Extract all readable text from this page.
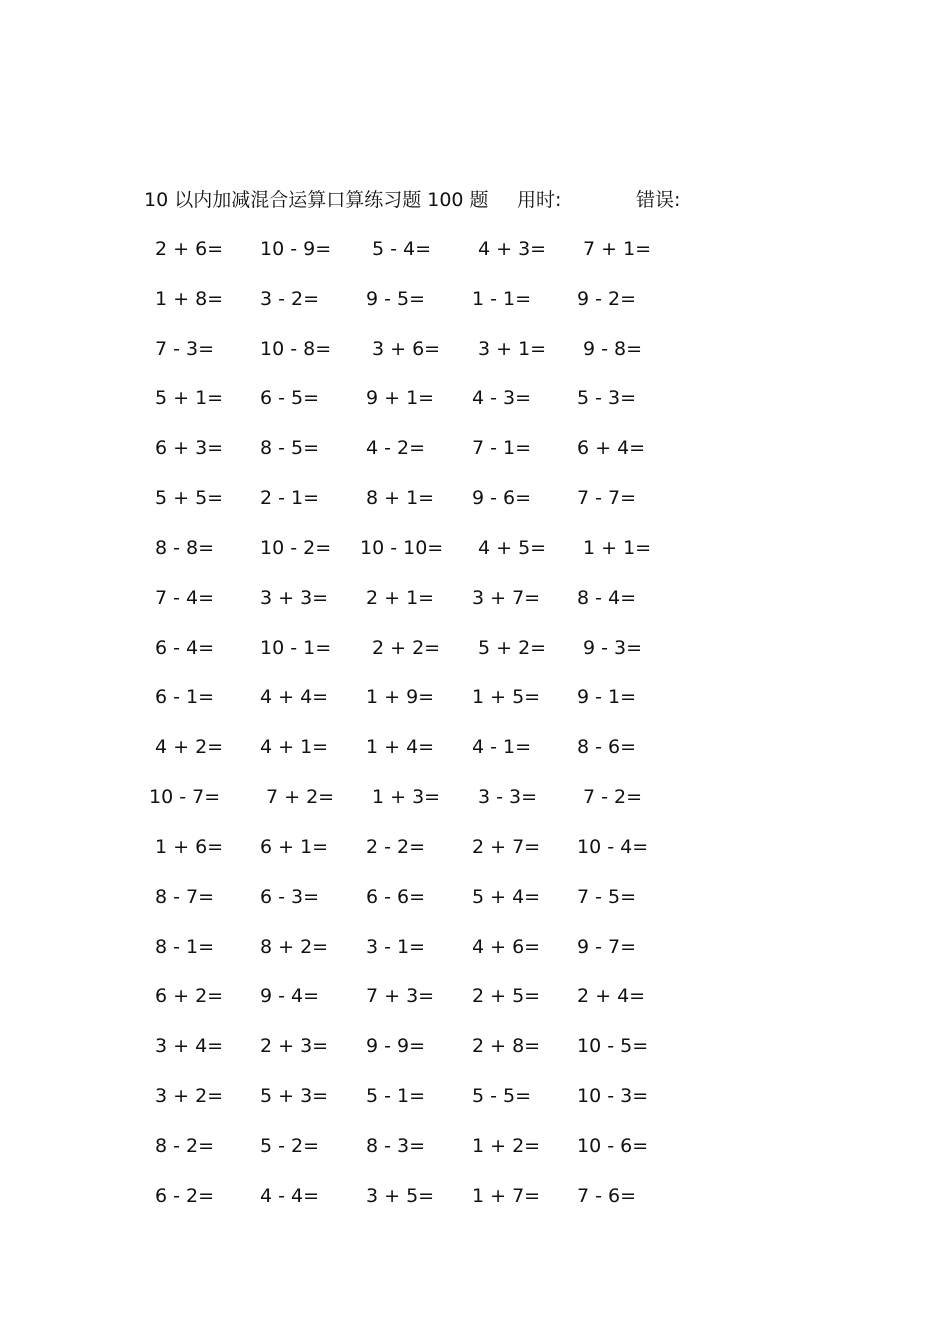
10 以内加减混合运算口算练习题 100 题 用时:	错误:
2 + 6= 10 - 9= 5 - 4= 4 + 3= 7 + 1=
1 + 8= 3 - 2= 9 - 5= 1 - 1= 9 - 2=
7 - 3= 10 - 8= 3 + 6= 3 + 1= 9 - 8=
5 + 1= 6 - 5= 9 + 1= 4 - 3= 5 - 3=
6 + 3= 8 - 5= 4 - 2= 7 - 1= 6 + 4=
5 + 5= 2 - 1= 8 + 1= 9 - 6= 7 - 7=
8 - 8= 10 - 2= 10 - 10= 4 + 5= 1 + 1=
7 - 4= 3 + 3= 2 + 1= 3 + 7= 8 - 4=
6 - 4= 10 - 1= 2 + 2= 5 + 2= 9 - 3=
6 - 1= 4 + 4= 1 + 9= 1 + 5= 9 - 1=
4 + 2= 4 + 1= 1 + 4= 4 - 1= 8 - 6=
10 - 7= 7 + 2= 1 + 3= 3 - 3= 7 - 2=
1 + 6= 6 + 1= 2 - 2= 2 + 7= 10 - 4=
8 - 7= 6 - 3= 6 - 6= 5 + 4= 7 - 5=
8 - 1= 8 + 2= 3 - 1= 4 + 6= 9 - 7=
6 + 2= 9 - 4= 7 + 3= 2 + 5= 2 + 4=
3 + 4= 2 + 3= 9 - 9= 2 + 8= 10 - 5=
3 + 2= 5 + 3= 5 - 1= 5 - 5= 10 - 3=
8 - 2= 5 - 2= 8 - 3= 1 + 2= 10 - 6=
6 - 2= 4 - 4= 3 + 5= 1 + 7= 7 - 6=
